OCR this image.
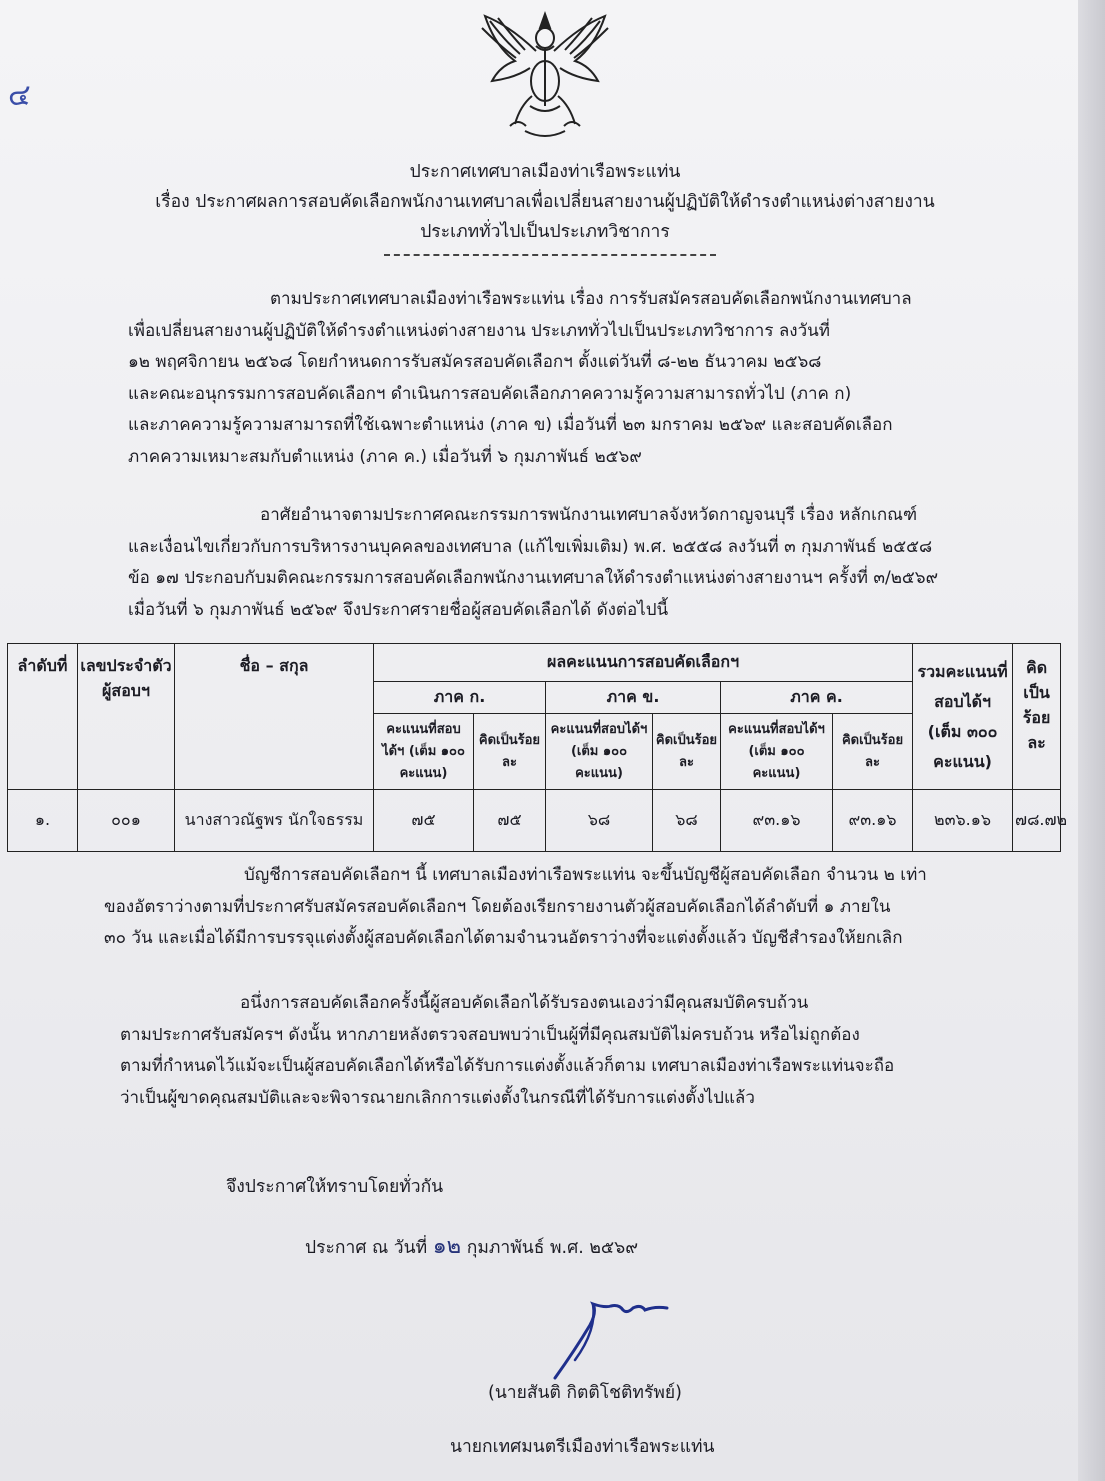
๔
ประกาศเทศบาลเมืองท่าเรือพระแท่น
เรื่อง ประกาศผลการสอบคัดเลือกพนักงานเทศบาลเพื่อเปลี่ยนสายงานผู้ปฏิบัติให้ดำรงตำแหน่งต่างสายงาน
ประเภททั่วไปเป็นประเภทวิชาการ
ตามประกาศเทศบาลเมืองท่าเรือพระแท่น เรื่อง การรับสมัครสอบคัดเลือกพนักงานเทศบาล
เพื่อเปลี่ยนสายงานผู้ปฏิบัติให้ดำรงตำแหน่งต่างสายงาน ประเภททั่วไปเป็นประเภทวิชาการ ลงวันที่
๑๒ พฤศจิกายน ๒๕๖๘ โดยกำหนดการรับสมัครสอบคัดเลือกฯ ตั้งแต่วันที่ ๘-๒๒ ธันวาคม ๒๕๖๘
และคณะอนุกรรมการสอบคัดเลือกฯ ดำเนินการสอบคัดเลือกภาคความรู้ความสามารถทั่วไป (ภาค ก)
และภาคความรู้ความสามารถที่ใช้เฉพาะตำแหน่ง (ภาค ข) เมื่อวันที่ ๒๓ มกราคม ๒๕๖๙ และสอบคัดเลือก
ภาคความเหมาะสมกับตำแหน่ง (ภาค ค.) เมื่อวันที่ ๖ กุมภาพันธ์ ๒๕๖๙
อาศัยอำนาจตามประกาศคณะกรรมการพนักงานเทศบาลจังหวัดกาญจนบุรี เรื่อง หลักเกณฑ์
และเงื่อนไขเกี่ยวกับการบริหารงานบุคคลของเทศบาล (แก้ไขเพิ่มเติม) พ.ศ. ๒๕๕๘ ลงวันที่ ๓ กุมภาพันธ์ ๒๕๕๘
ข้อ ๑๗ ประกอบกับมติคณะกรรมการสอบคัดเลือกพนักงานเทศบาลให้ดำรงตำแหน่งต่างสายงานฯ ครั้งที่ ๓/๒๕๖๙
เมื่อวันที่ ๖ กุมภาพันธ์ ๒๕๖๙ จึงประกาศรายชื่อผู้สอบคัดเลือกได้ ดังต่อไปนี้
ลำดับที่	เลขประจำตัวผู้สอบฯ	ชื่อ – สกุล	ผลคะแนนการสอบคัดเลือกฯ						รวมคะแนนที่สอบได้ฯ (เต็ม ๓๐๐ คะแนน)	คิดเป็นร้อยละ
			ภาค ก.		ภาค ข.		ภาค ค.			
			คะแนนที่สอบได้ฯ (เต็ม ๑๐๐ คะแนน)	คิดเป็นร้อยละ	คะแนนที่สอบได้ฯ (เต็ม ๑๐๐ คะแนน)	คิดเป็นร้อยละ	คะแนนที่สอบได้ฯ (เต็ม ๑๐๐ คะแนน)	คิดเป็นร้อยละ		
๑.	๐๐๑	นางสาวณัฐพร นักใจธรรม	๗๕	๗๕	๖๘	๖๘	๙๓.๑๖	๙๓.๑๖	๒๓๖.๑๖	๗๘.๗๒
บัญชีการสอบคัดเลือกฯ นี้ เทศบาลเมืองท่าเรือพระแท่น จะขึ้นบัญชีผู้สอบคัดเลือก จำนวน ๒ เท่า
ของอัตราว่างตามที่ประกาศรับสมัครสอบคัดเลือกฯ โดยต้องเรียกรายงานตัวผู้สอบคัดเลือกได้ลำดับที่ ๑ ภายใน
๓๐ วัน และเมื่อได้มีการบรรจุแต่งตั้งผู้สอบคัดเลือกได้ตามจำนวนอัตราว่างที่จะแต่งตั้งแล้ว บัญชีสำรองให้ยกเลิก
อนึ่งการสอบคัดเลือกครั้งนี้ผู้สอบคัดเลือกได้รับรองตนเองว่ามีคุณสมบัติครบถ้วน
ตามประกาศรับสมัครฯ ดังนั้น หากภายหลังตรวจสอบพบว่าเป็นผู้ที่มีคุณสมบัติไม่ครบถ้วน หรือไม่ถูกต้อง
ตามที่กำหนดไว้แม้จะเป็นผู้สอบคัดเลือกได้หรือได้รับการแต่งตั้งแล้วก็ตาม เทศบาลเมืองท่าเรือพระแท่นจะถือ
ว่าเป็นผู้ขาดคุณสมบัติและจะพิจารณายกเลิกการแต่งตั้งในกรณีที่ได้รับการแต่งตั้งไปแล้ว
จึงประกาศให้ทราบโดยทั่วกัน
ประกาศ ณ วันที่ ๑๒ กุมภาพันธ์ พ.ศ. ๒๕๖๙
(นายสันติ กิตติโชติทรัพย์)
นายกเทศมนตรีเมืองท่าเรือพระแท่น
